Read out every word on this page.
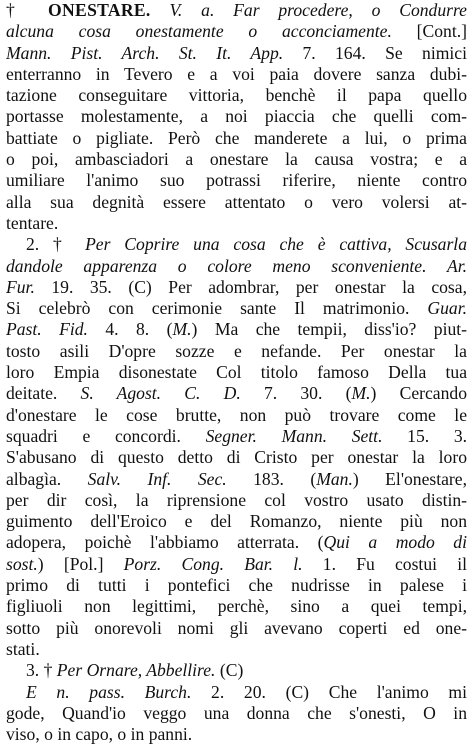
† ONESTARE. V. a. Far procedere, o Condurre
alcuna cosa onestamente o acconciamente. [Cont.]
Mann. Pist. Arch. St. It. App. 7. 164. Se nimici
enterranno in Tevero e a voi paia dovere sanza dubi-
tazione conseguitare vittoria, benchè il papa quello
portasse molestamente, a noi piaccia che quelli com-
battiate o pigliate. Però che manderete a lui, o prima
o poi, ambasciadori a onestare la causa vostra; e a
umiliare l'animo suo potrassi riferire, niente contro
alla sua degnità essere attentato o vero volersi at-
tentare.
2. † Per Coprire una cosa che è cattiva, Scusarla
dandole apparenza o colore meno sconveniente. Ar.
Fur. 19. 35. (C) Per adombrar, per onestar la cosa,
Si celebrò con cerimonie sante Il matrimonio. Guar.
Past. Fid. 4. 8. (M.) Ma che tempii, diss'io? piut-
tosto asili D'opre sozze e nefande. Per onestar la
loro Empia disonestate Col titolo famoso Della tua
deitate. S. Agost. C. D. 7. 30. (M.) Cercando
d'onestare le cose brutte, non può trovare come le
squadri e concordi. Segner. Mann. Sett. 15. 3.
S'abusano di questo detto di Cristo per onestar la loro
albagìa. Salv. Inf. Sec. 183. (Man.) El'onestare,
per dir così, la riprensione col vostro usato distin-
guimento dell'Eroico e del Romanzo, niente più non
adopera, poichè l'abbiamo atterrata. (Qui a modo di
sost.) [Pol.] Porz. Cong. Bar. l. 1. Fu costui il
primo di tutti i pontefici che nudrisse in palese i
figliuoli non legittimi, perchè, sino a quei tempi,
sotto più onorevoli nomi gli avevano coperti ed one-
stati.
3. † Per Ornare, Abbellire. (C)
E n. pass. Burch. 2. 20. (C) Che l'animo mi
gode, Quand'io veggo una donna che s'onesti, O in
viso, o in capo, o in panni.
